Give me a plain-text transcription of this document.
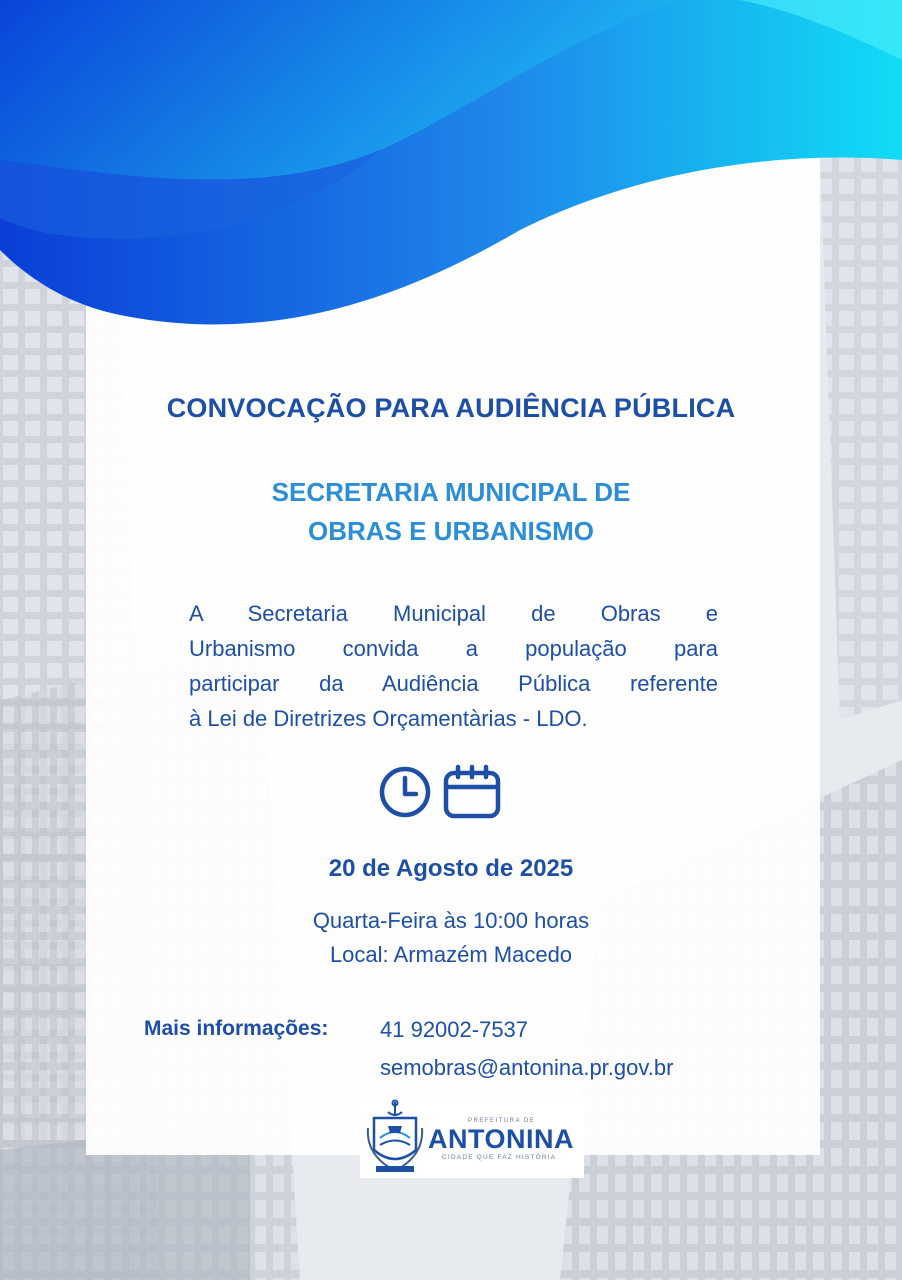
CONVOCAÇÃO PARA AUDIÊNCIA PÚBLICA
SECRETARIA MUNICIPAL DE
OBRAS E URBANISMO
A Secretaria Municipal de Obras e
Urbanismo convida a população para
participar da Audiência Pública referente
à Lei de Diretrizes Orçamentàrias - LDO.
20 de Agosto de 2025
Quarta-Feira às 10:00 horas
Local: Armazém Macedo
Mais informações: 41 92002-7537
semobras@antonina.pr.gov.br
PREFEITURA DE
ANTONINA
CIDADE QUE FAZ HISTÓRIA
